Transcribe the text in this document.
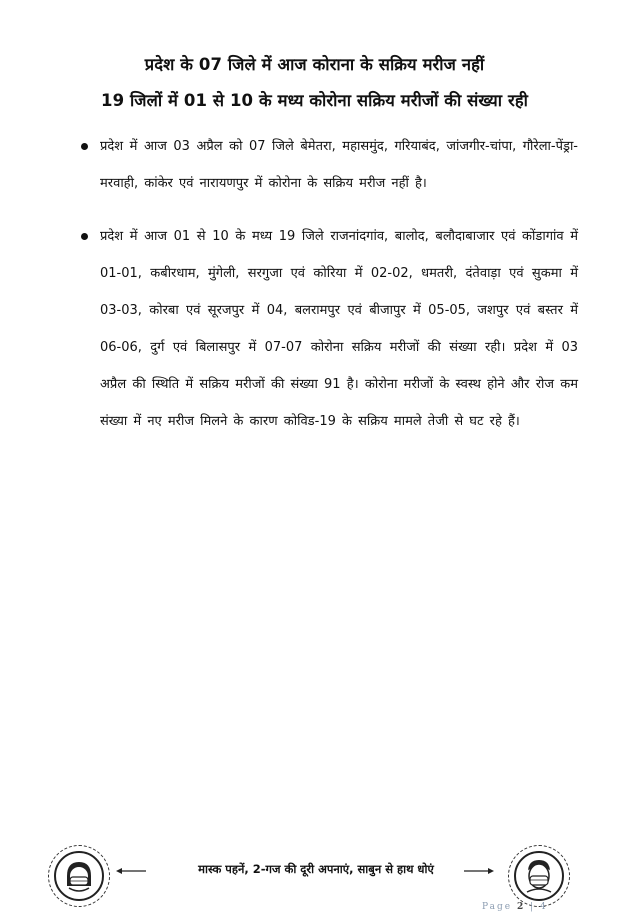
प्रदेश के 07 जिले में आज कोराना के सक्रिय मरीज नहीं
19 जिलों में 01 से 10 के मध्य कोरोना सक्रिय मरीजों की संख्या रही
प्रदेश में आज 03 अप्रैल को 07 जिले बेमेतरा, महासमुंद, गरियाबंद, जांजगीर-चांपा, गौरेला-पेंड्रा-मरवाही, कांकेर एवं नारायणपुर में कोरोना के सक्रिय मरीज नहीं है।
प्रदेश में आज 01 से 10 के मध्य 19 जिले राजनांदगांव, बालोद, बलौदाबाजार एवं कोंडागांव में 01-01, कबीरधाम, मुंगेली, सरगुजा एवं कोरिया में 02-02, धमतरी, दंतेवाड़ा एवं सुकमा में 03-03, कोरबा एवं सूरजपुर में 04, बलरामपुर एवं बीजापुर में 05-05, जशपुर एवं बस्तर में 06-06, दुर्ग एवं बिलासपुर में 07-07 कोरोना सक्रिय मरीजों की संख्या रही। प्रदेश में 03 अप्रैल की स्थिति में सक्रिय मरीजों की संख्या 91 है। कोरोना मरीजों के स्वस्थ होने और रोज कम संख्या में नए मरीज मिलने के कारण कोविड-19 के सक्रिय मामले तेजी से घट रहे हैं।
मास्क पहनें, 2-गज की दूरी अपनाएं, साबुन से हाथ धोएं
Page 2 | 4
